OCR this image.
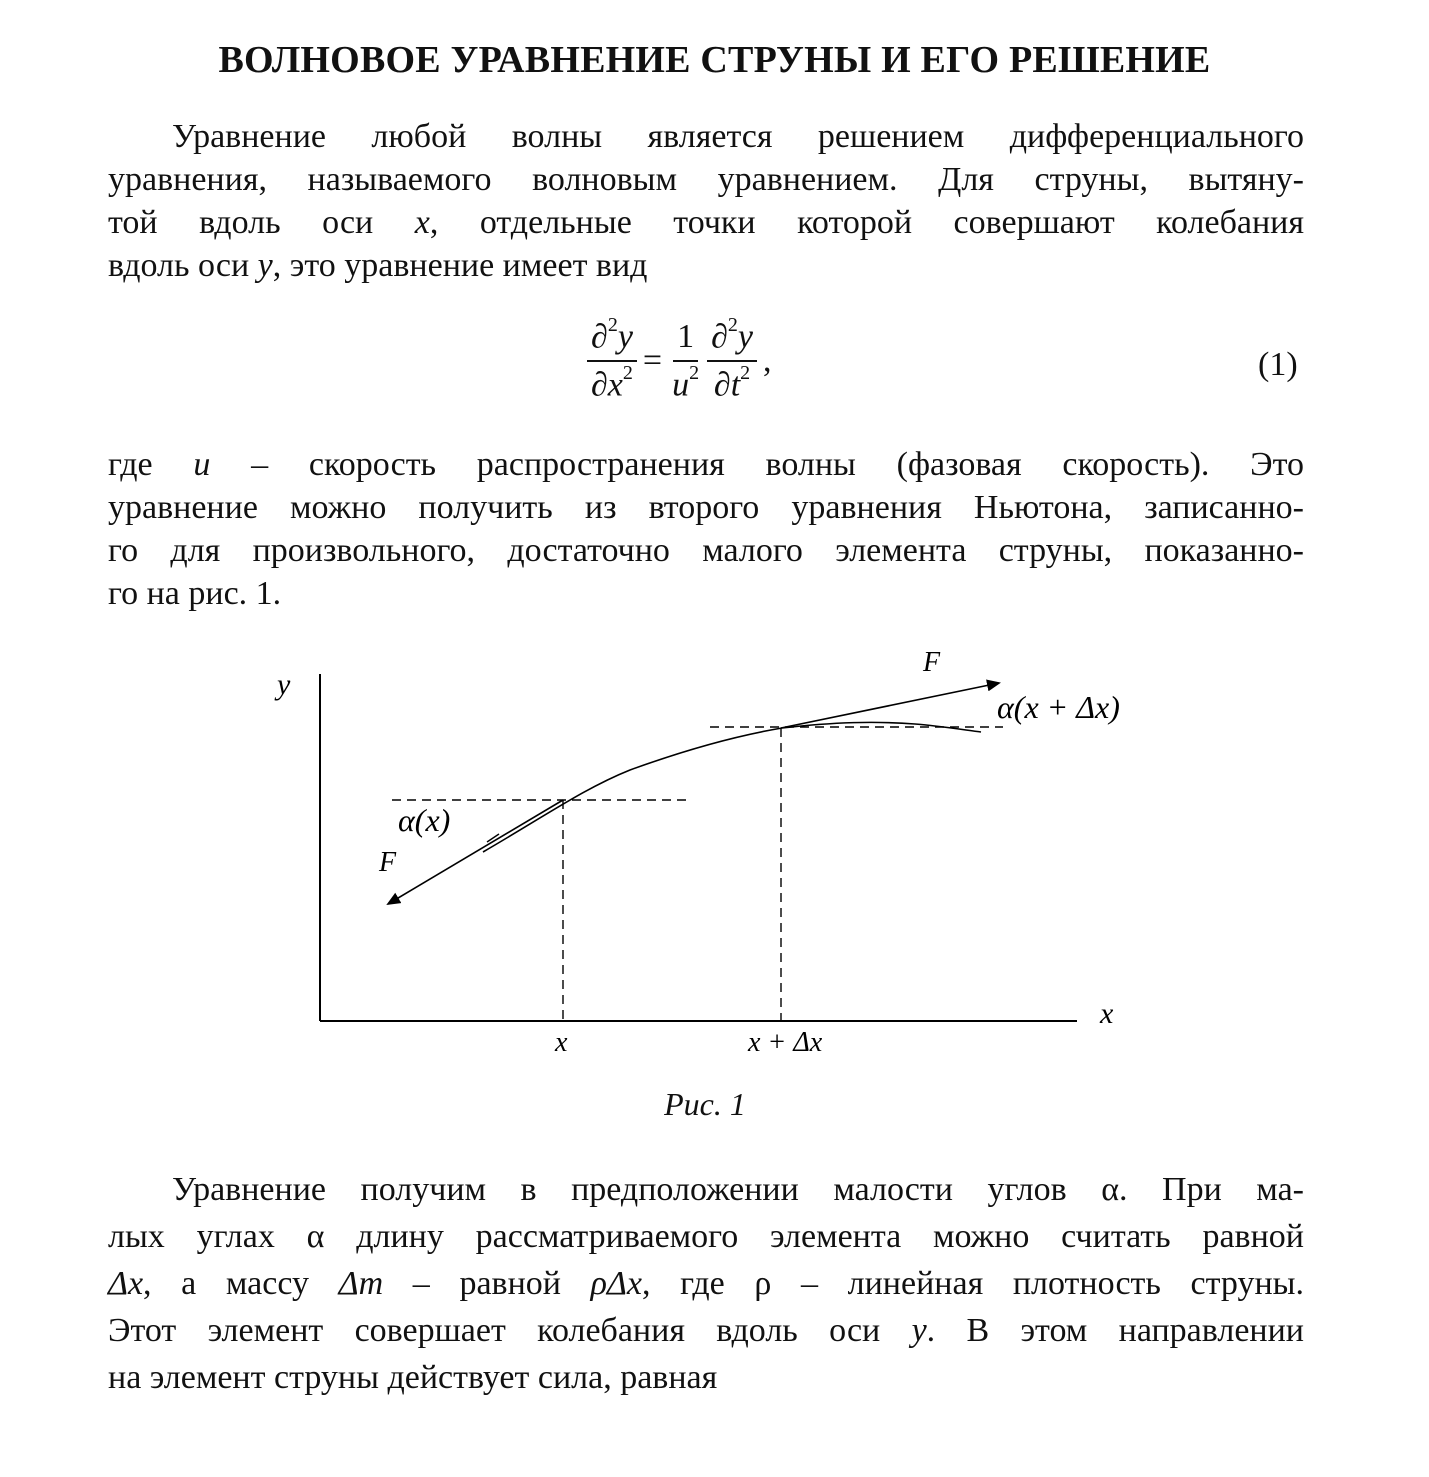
ВОЛНОВОЕ УРАВНЕНИЕ СТРУНЫ И ЕГО РЕШЕНИЕ
Уравнение любой волны является решением дифференциального
уравнения, называемого волновым уравнением. Для струны, вытяну-
той вдоль оси x, отдельные точки которой совершают колебания
вдоль оси y, это уравнение имеет вид
$\frac{\partial^2y}{\partial x^2} = \frac{1}{u^2} \frac{\partial^2y}{\partial t^2}$ ,	(1)
где u – скорость распространения волны (фазовая скорость). Это
уравнение можно получить из второго уравнения Ньютона, записанно-
го для произвольного, достаточно малого элемента струны, показанно-
го на рис. 1.
y
x
F
F
α(x + Δx)
α(x)
x	x + Δx
Рис. 1
Уравнение получим в предположении малости углов α. При ма-
лых углах α длину рассматриваемого элемента можно считать равной
Δx, а массу Δm – равной ρΔx, где ρ – линейная плотность струны.
Этот элемент совершает колебания вдоль оси y. В этом направлении
на элемент струны действует сила, равная
